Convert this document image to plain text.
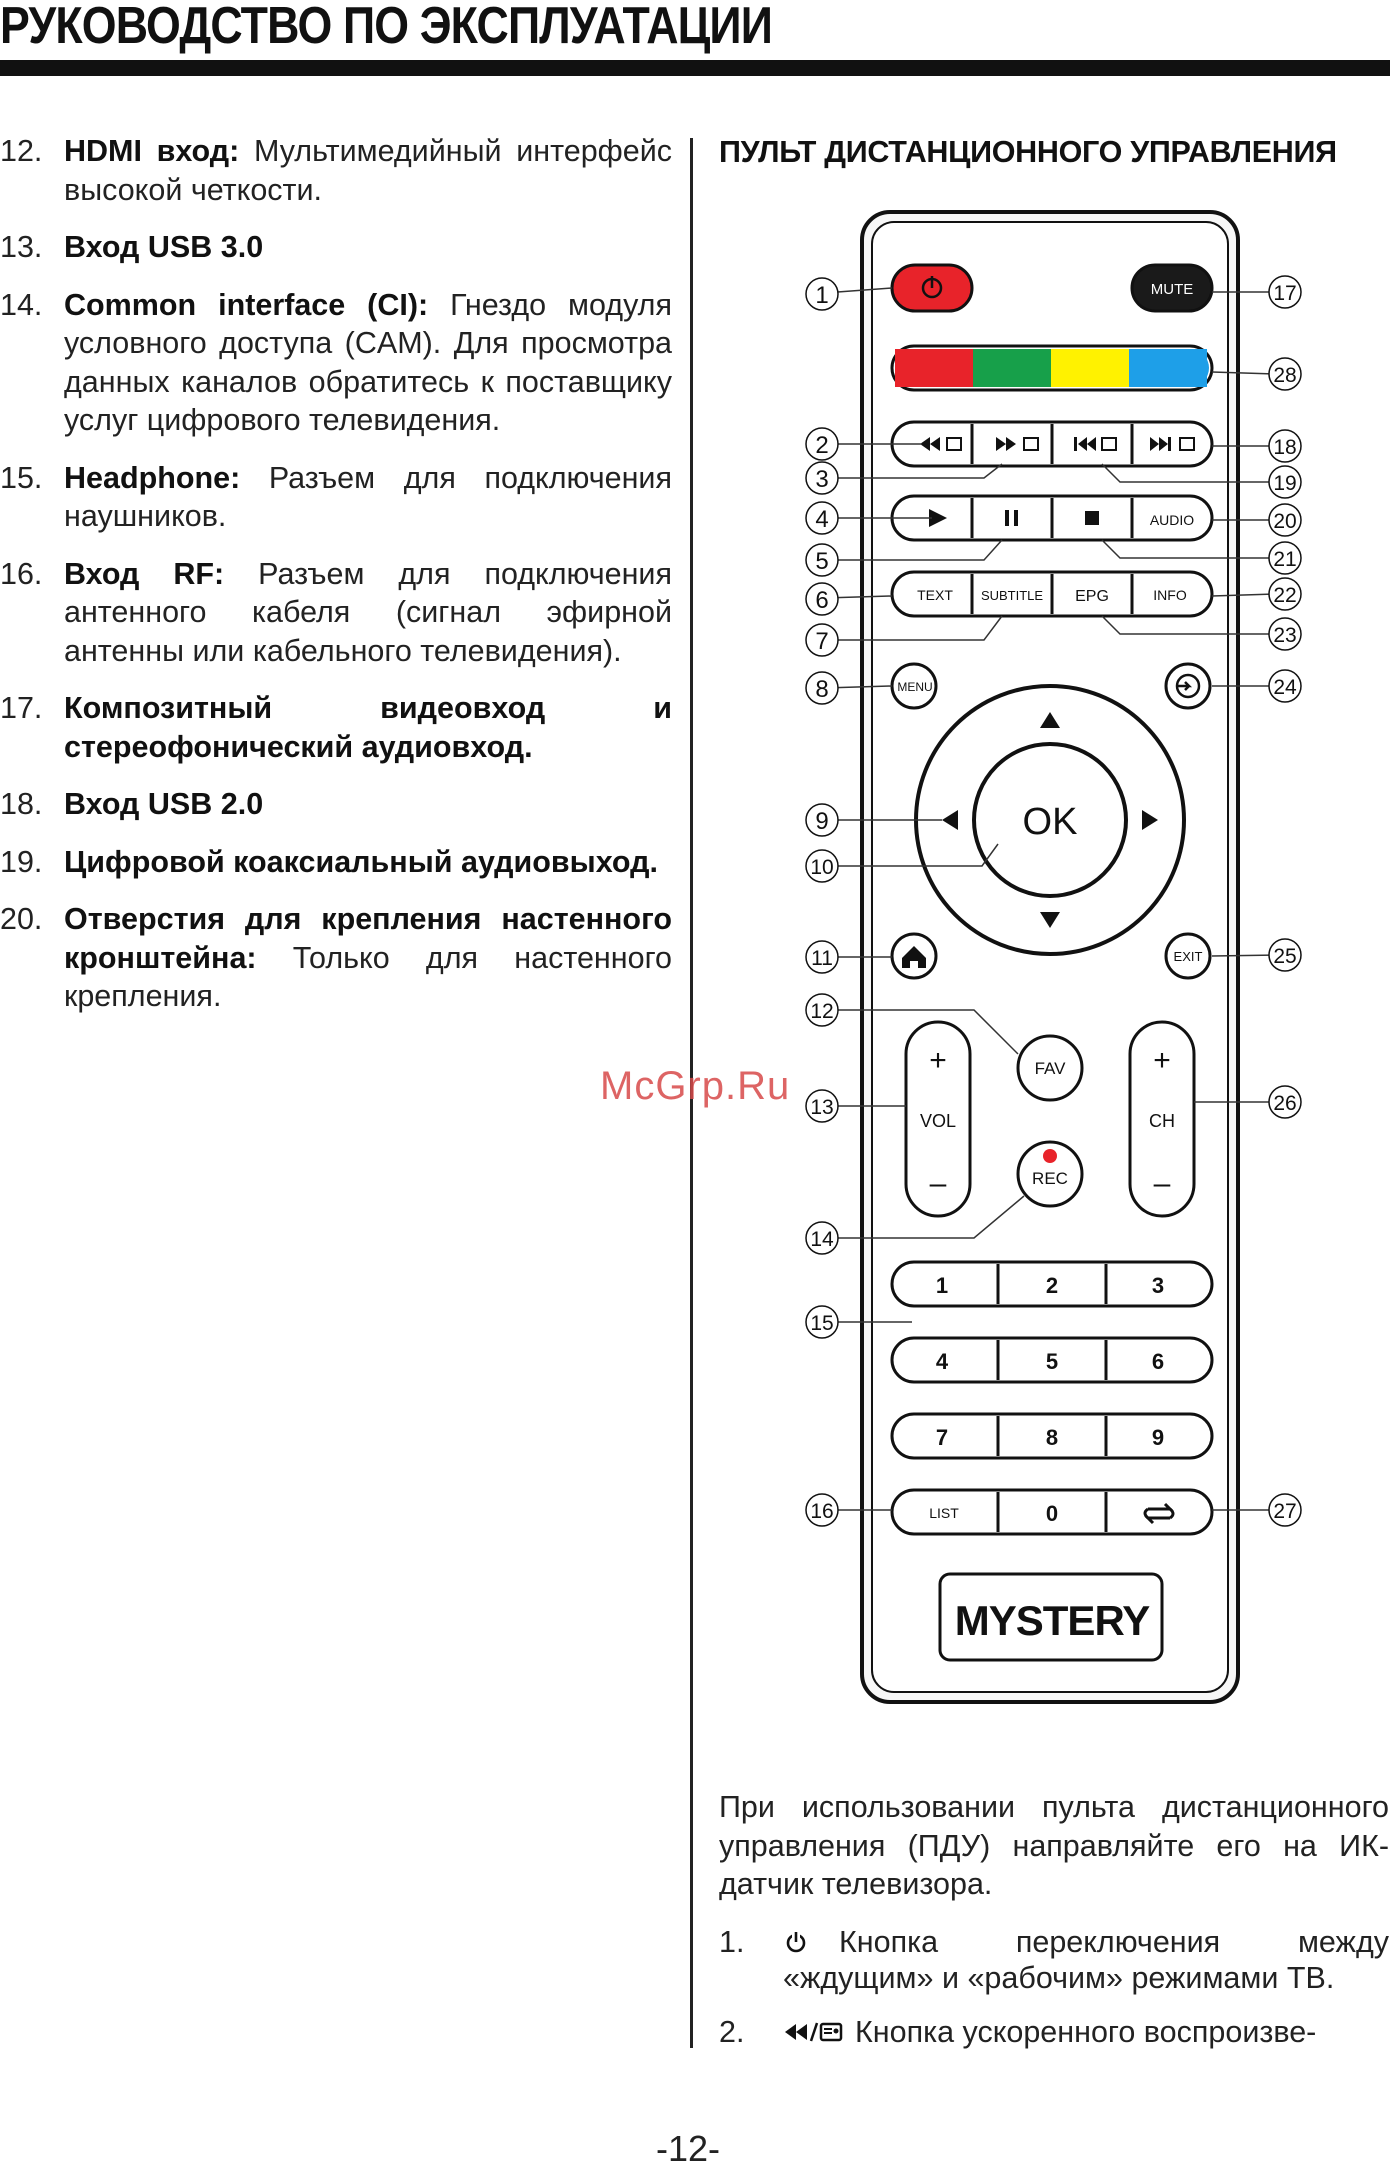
РУКОВОДСТВО ПО ЭКСПЛУАТАЦИИ
12. HDMI вход: Мультимедийный интерфейс высокой четкости.
13. Вход USB 3.0
14. Common interface (CI): Гнездо модуля условного доступа (CAM). Для просмотра данных каналов обратитесь к поставщику услуг цифрового телевидения.
15. Headphone: Разъем для подключения наушников.
16. Вход RF: Разъем для подключения антенного кабеля (сигнал эфирной антенны или кабельного телевидения).
17. Композитный видеовход и стереофонический аудиовход.
18. Вход USB 2.0
19. Цифровой коаксиальный аудиовыход.
20. Отверстия для крепления настенного кронштейна: Только для настенного крепления.
ПУЛЬТ ДИСТАНЦИОННОГО УПРАВЛЕНИЯ
MUTE
AUDIO
TEXT SUBTITLE EPG	INFO
MENU
OK
EXIT
+
VOL
–
+
CH
–
FAV
REC
1	2	3
4	5	6
7	8	9
LIST	0
MYSTERY
1
2
3
4
5
6
7
8
9
10
11
12
13
14
15
16
17
28
18
19
20
21
22
23
24
25
26
27
McGrp.Ru
При использовании пульта дистанционного управления (ПДУ) направляйте его на ИК-датчик телевизора.
1.	Кнопка переключения между «ждущим» и «рабочим» режимами ТВ.
2.	Кнопка ускоренного воспроизве-
-12-
